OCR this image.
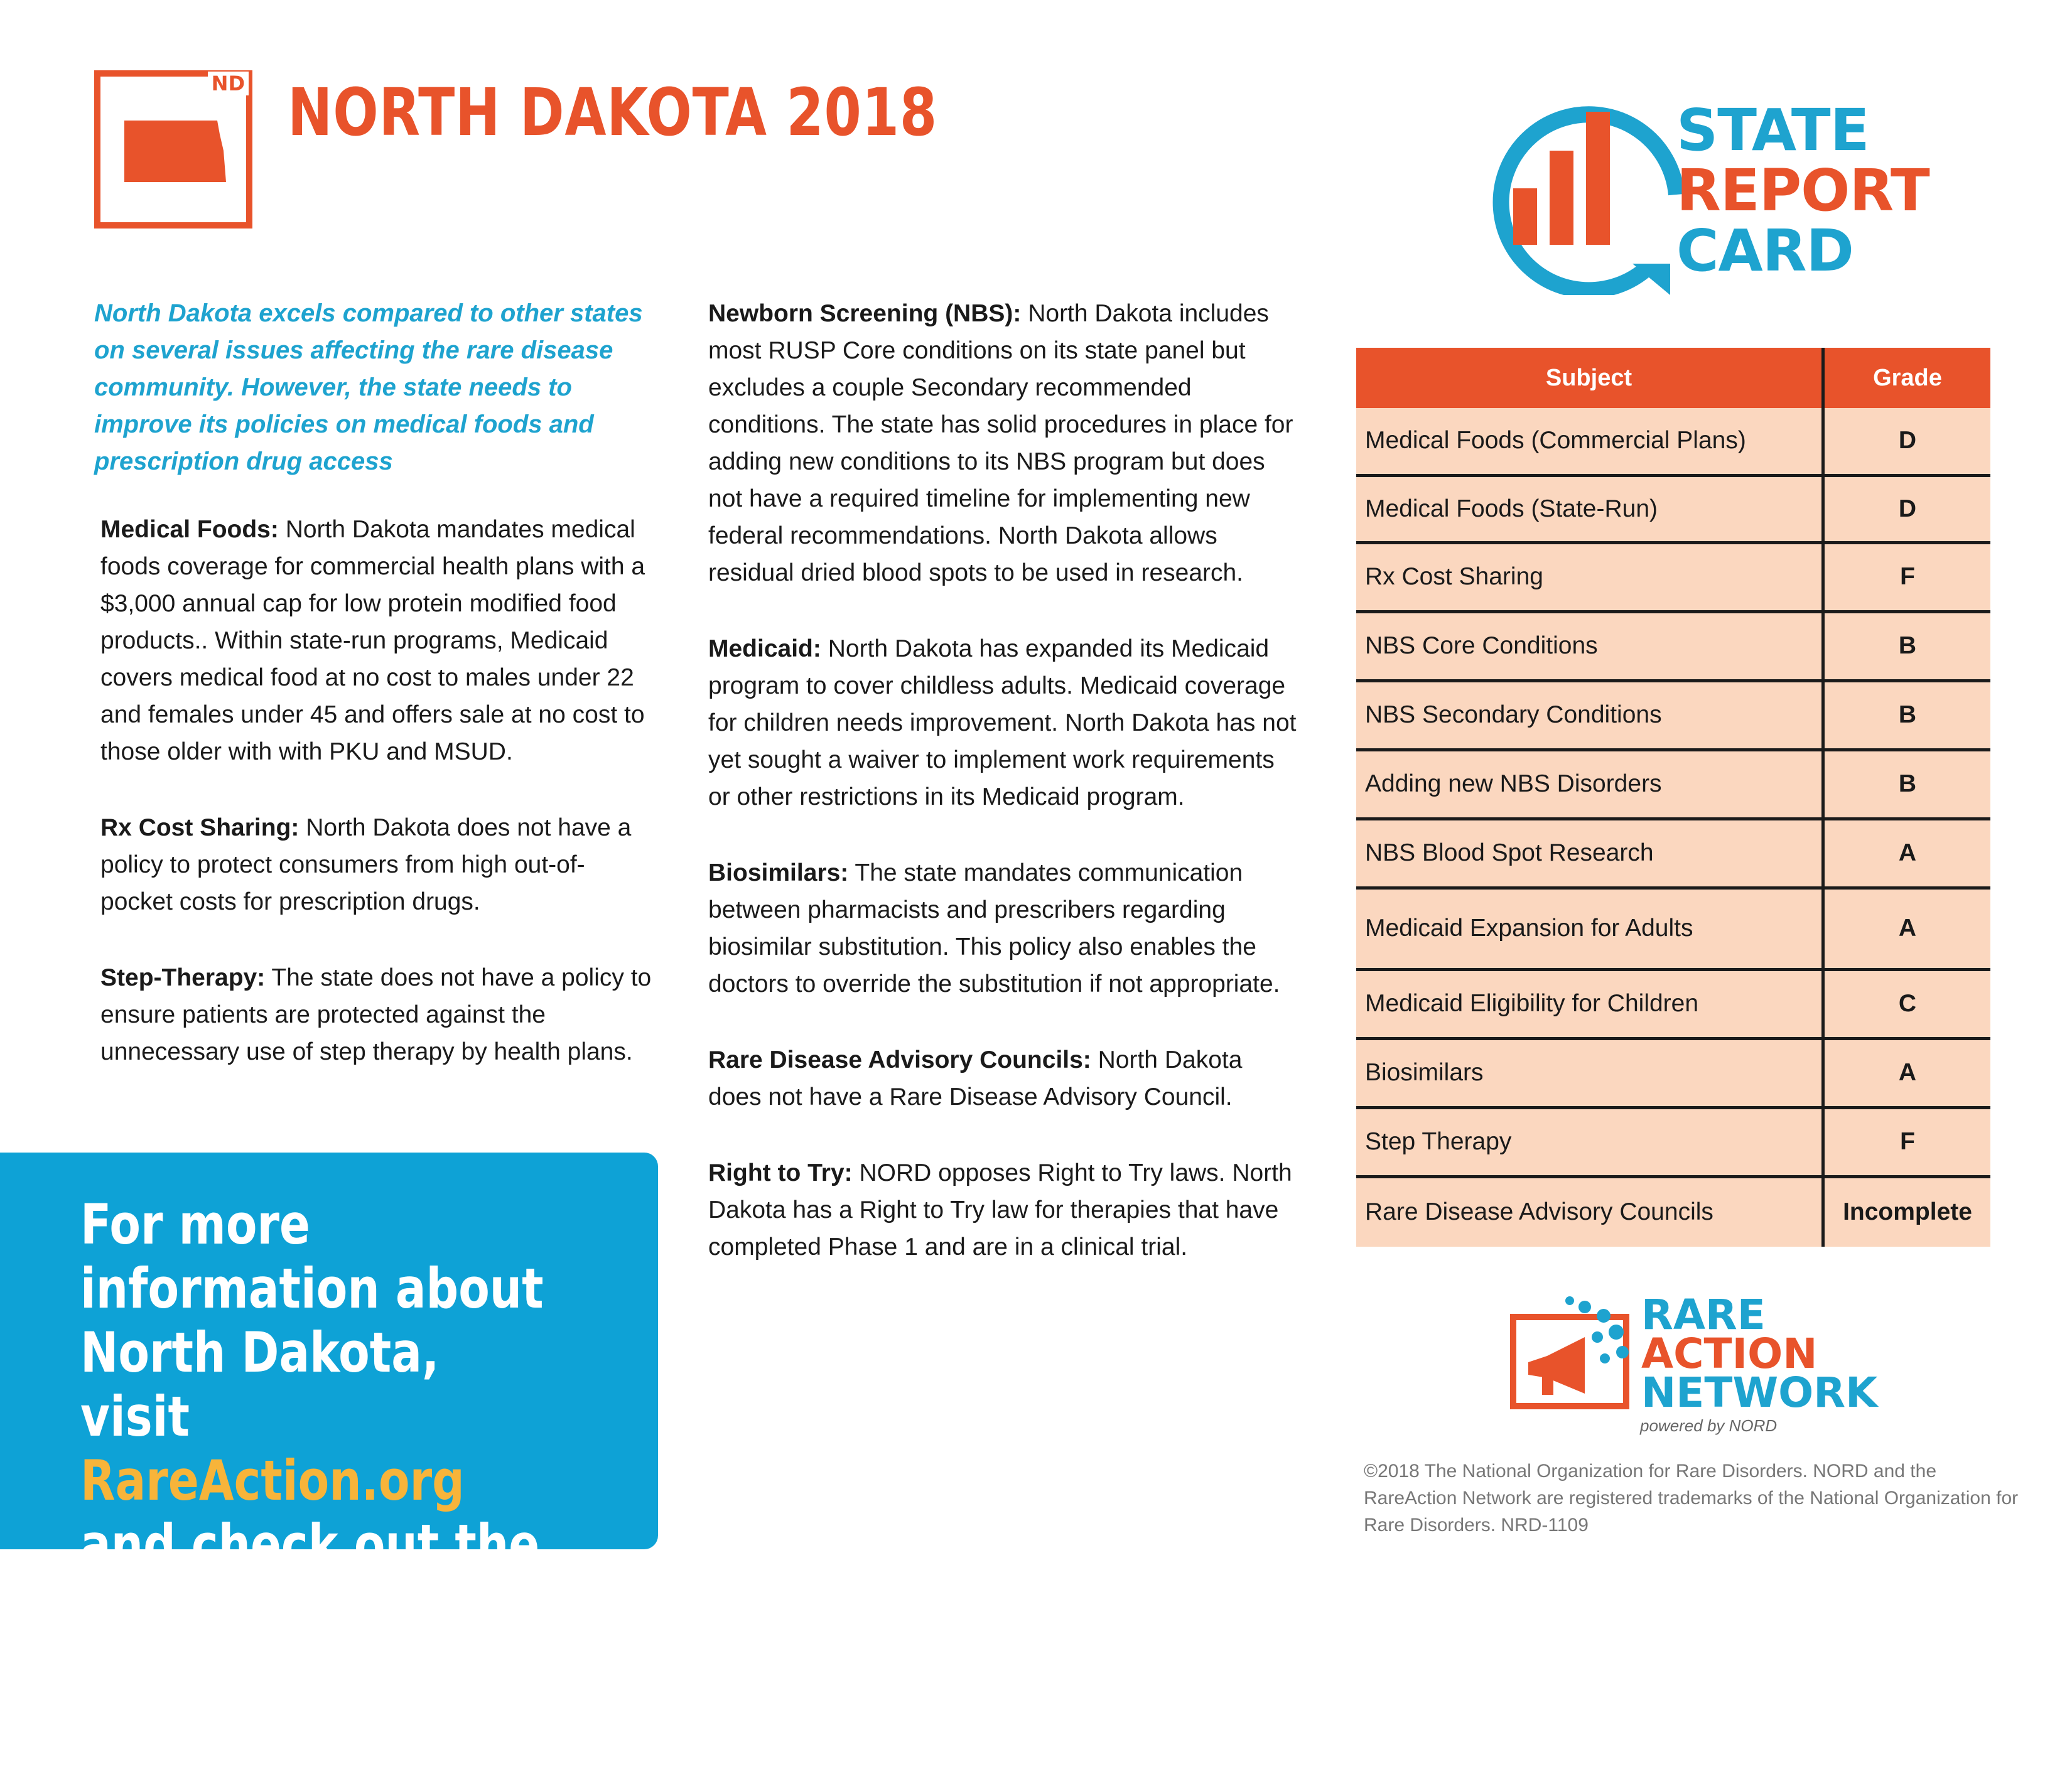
ND NORTH DAKOTA 2018	STATE
REPORT
CARD
North Dakota excels compared to other states on several issues affecting the rare disease community. However, the state needs to improve its policies on medical foods and prescription drug access

Medical Foods: North Dakota mandates medical foods coverage for commercial health plans with a $3,000 annual cap for low protein modified food products.. Within state-run programs, Medicaid covers medical food at no cost to males under 22 and females under 45 and offers sale at no cost to those older with with PKU and MSUD.

Rx Cost Sharing: North Dakota does not have a policy to protect consumers from high out-of-pocket costs for prescription drugs.

Step-Therapy: The state does not have a policy to ensure patients are protected against the unnecessary use of step therapy by health plans.

Newborn Screening (NBS): North Dakota includes most RUSP Core conditions on its state panel but excludes a couple Secondary recommended conditions. The state has solid procedures in place for adding new conditions to its NBS program but does not have a required timeline for implementing new federal recommendations. North Dakota allows residual dried blood spots to be used in research.

Medicaid: North Dakota has expanded its Medicaid program to cover childless adults. Medicaid coverage for children needs improvement. North Dakota has not yet sought a waiver to implement work requirements or other restrictions in its Medicaid program.

Biosimilars: The state mandates communication between pharmacists and prescribers regarding biosimilar substitution. This policy also enables the doctors to override the substitution if not appropriate.

Rare Disease Advisory Councils: North Dakota does not have a Rare Disease Advisory Council.

Right to Try: NORD opposes Right to Try laws. North Dakota has a Right to Try law for therapies that have completed Phase 1 and are in a clinical trial.

For more information about North Dakota, visit RareAction.org and check out the entire 2018 State Policy Report Card
Subject	Grade
Medical Foods (Commercial Plans)	D
Medical Foods (State-Run)	D
Rx Cost Sharing	F
NBS Core Conditions	B
NBS Secondary Conditions	B
Adding new NBS Disorders	B
NBS Blood Spot Research	A
Medicaid Expansion for Adults	A
Medicaid Eligibility for Children	C
Biosimilars	A
Step Therapy	F
Rare Disease Advisory Councils	Incomplete
RARE
ACTION
NETWORK
powered by NORD
©2018 The National Organization for Rare Disorders. NORD and the RareAction Network are registered trademarks of the National Organization for Rare Disorders. NRD-1109
